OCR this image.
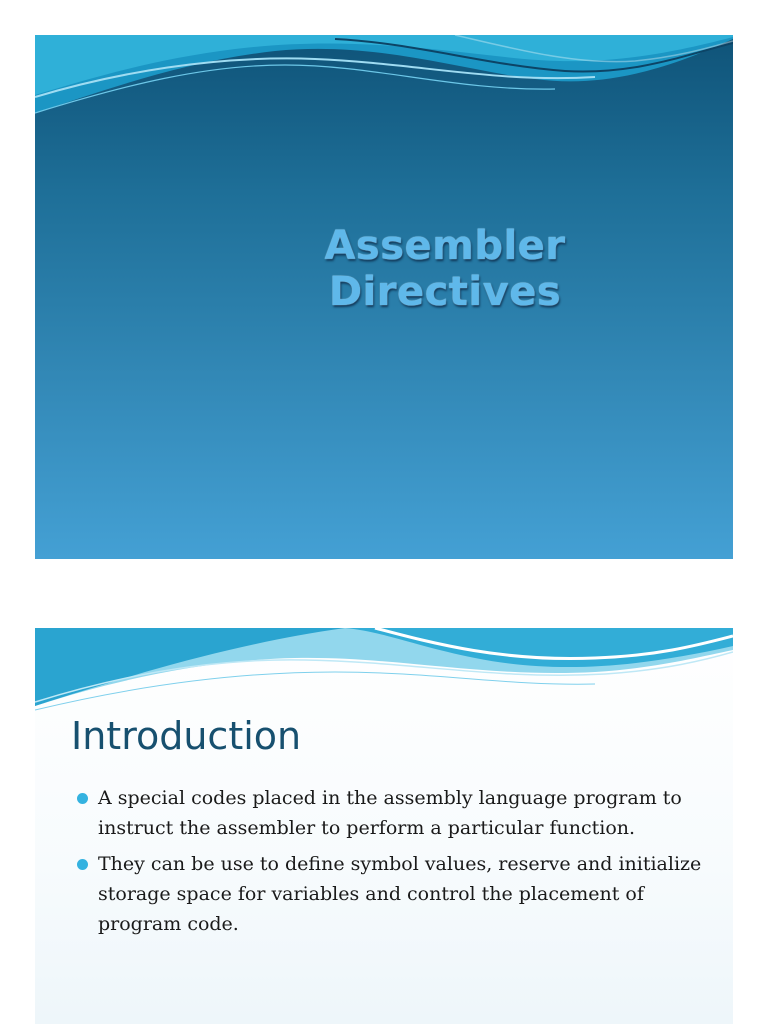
Assembler Directives
Introduction
A special codes placed in the assembly language program to instruct the assembler to perform a particular function.
They can be use to define symbol values, reserve and initialize storage space for variables and control the placement of program code.
